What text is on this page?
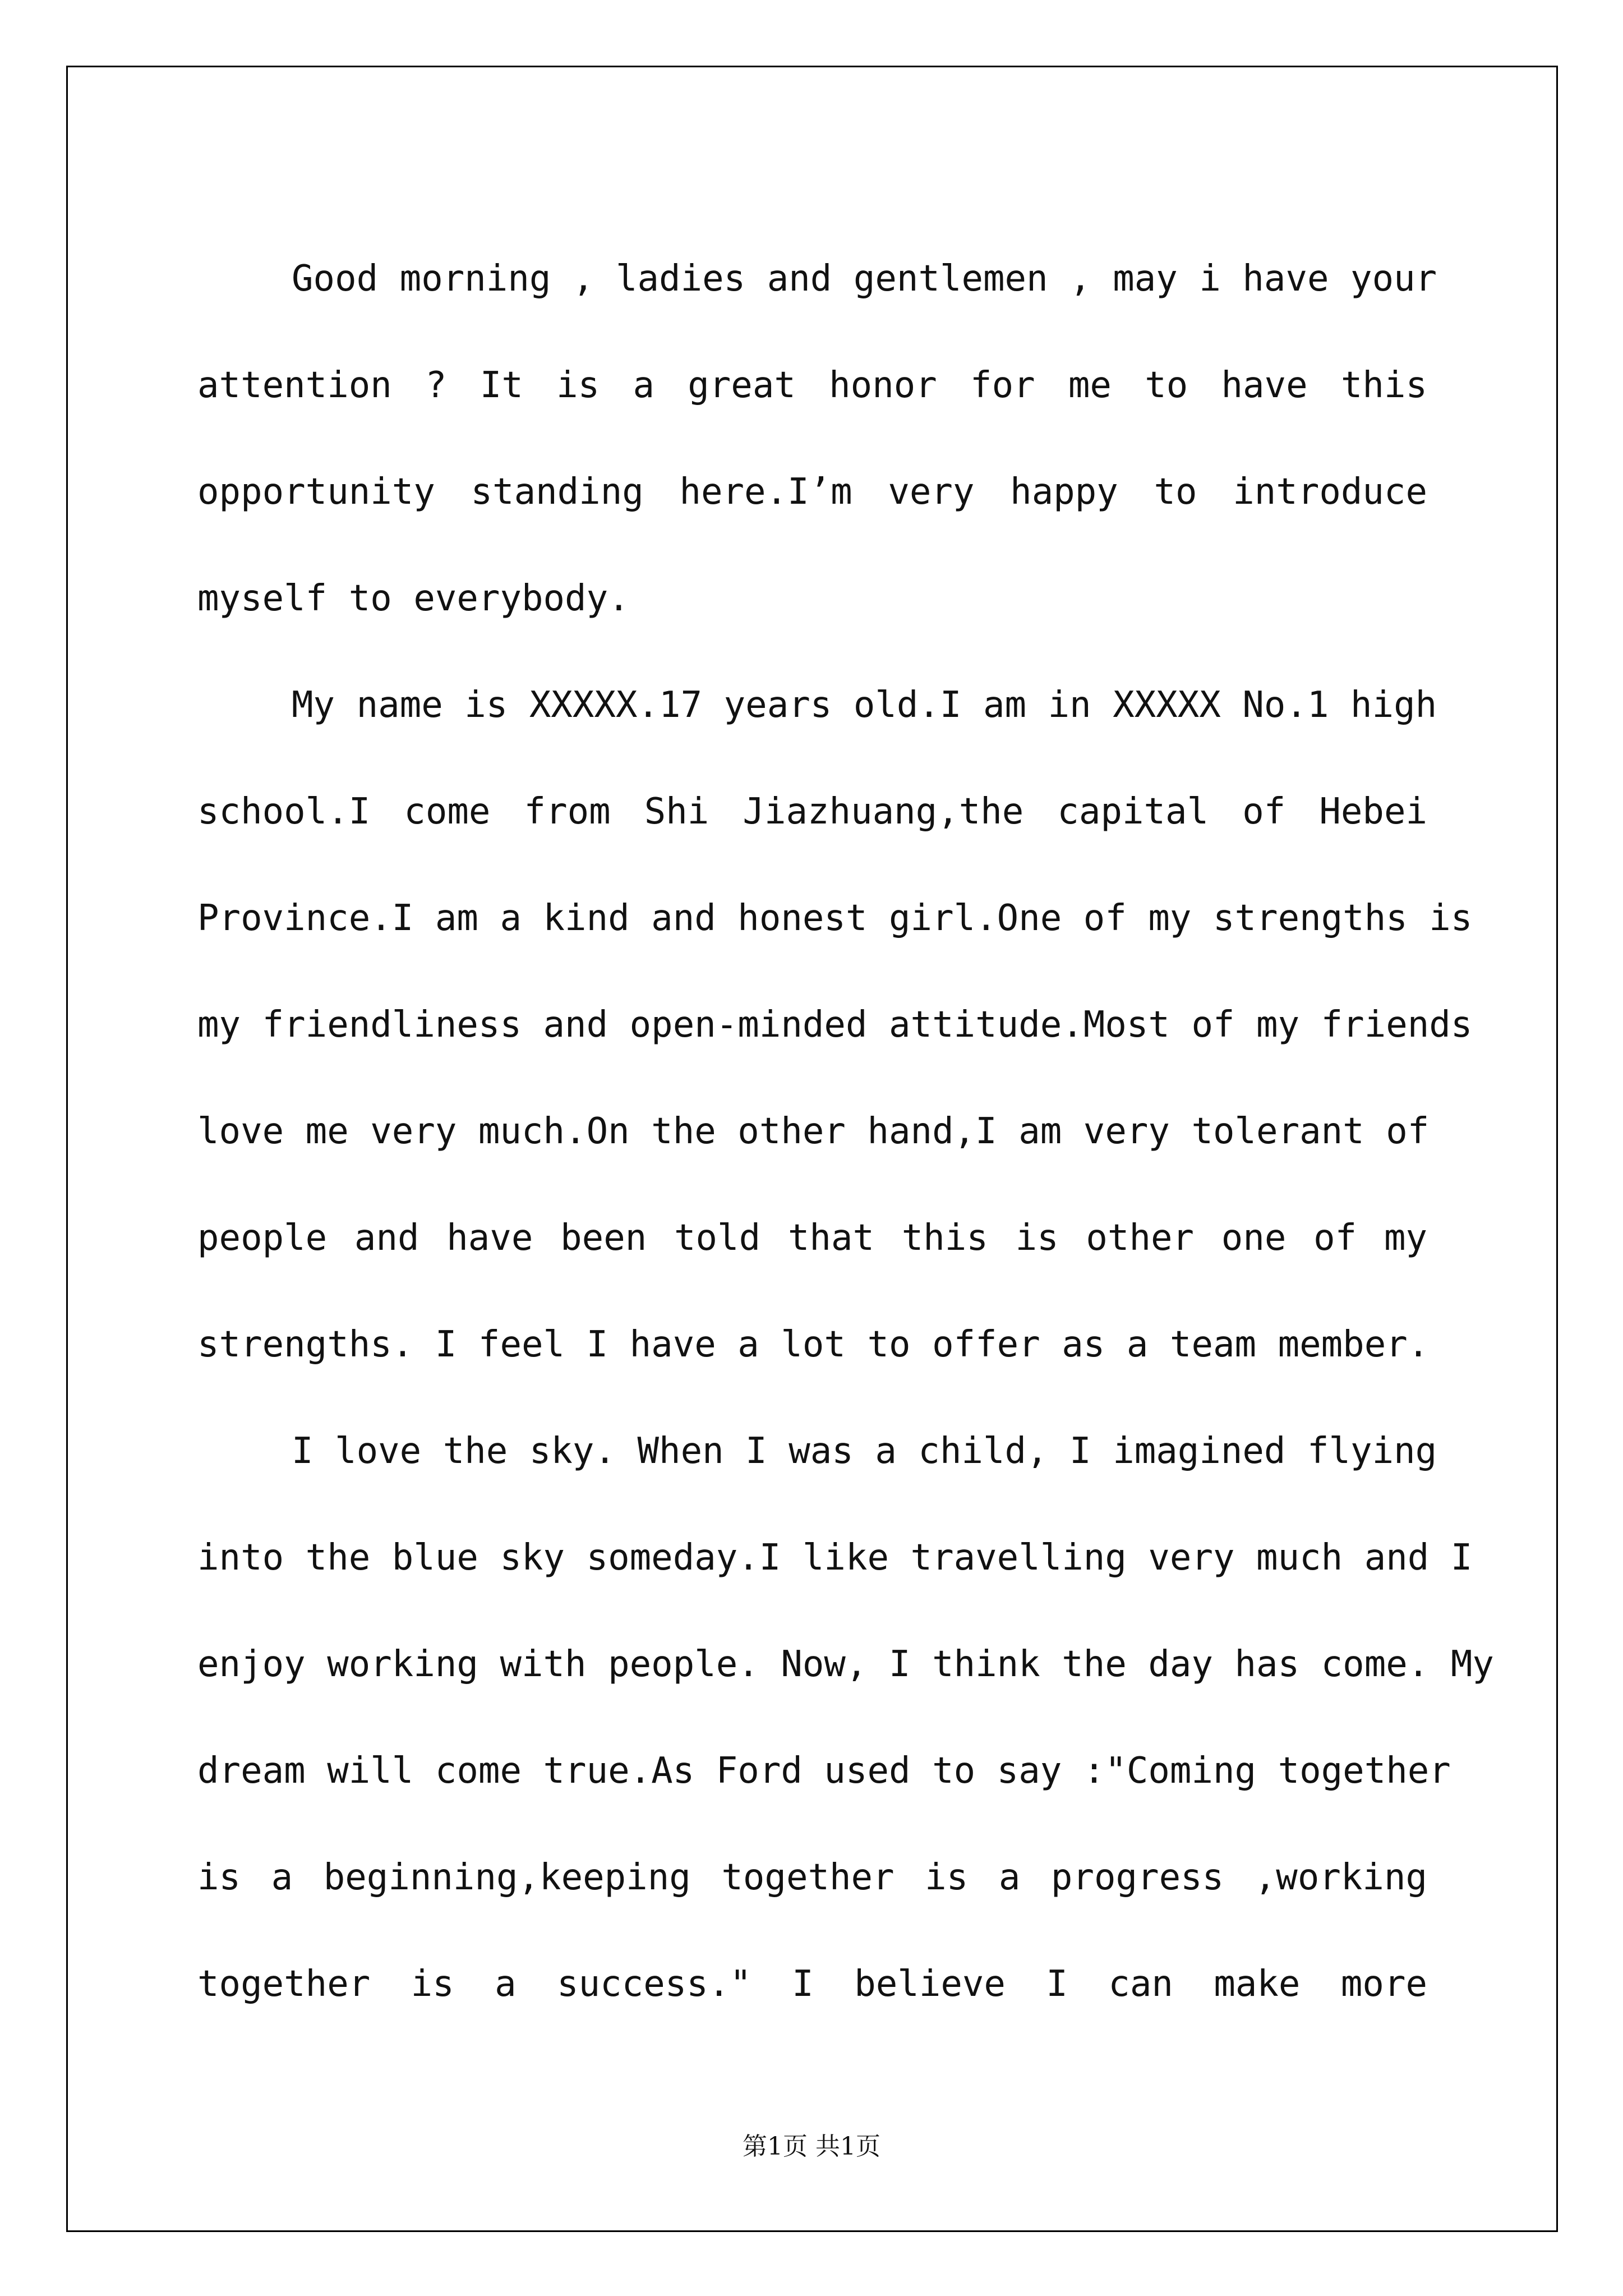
Good morning , ladies and gentlemen , may i have your
attention ? It is a great honor for me to have this
opportunity standing here.I’m very happy to introduce
myself to everybody.
My name is XXXXX.17 years old.I am in XXXXX No.1 high
school.I come from Shi Jiazhuang,the capital of Hebei
Province.I am a kind and honest girl.One of my strengths is
my friendliness and open-minded attitude.Most of my friends
love me very much.On the other hand,I am very tolerant of
people and have been told that this is other one of my
strengths. I feel I have a lot to offer as a team member.
I love the sky. When I was a child, I imagined flying
into the blue sky someday.I like travelling very much and I
enjoy working with people. Now, I think the day has come. My
dream will come true.As Ford used to say :"Coming together
is a beginning,keeping together is a progress ,working
together is a success." I believe I can make more
第1页 共1页
